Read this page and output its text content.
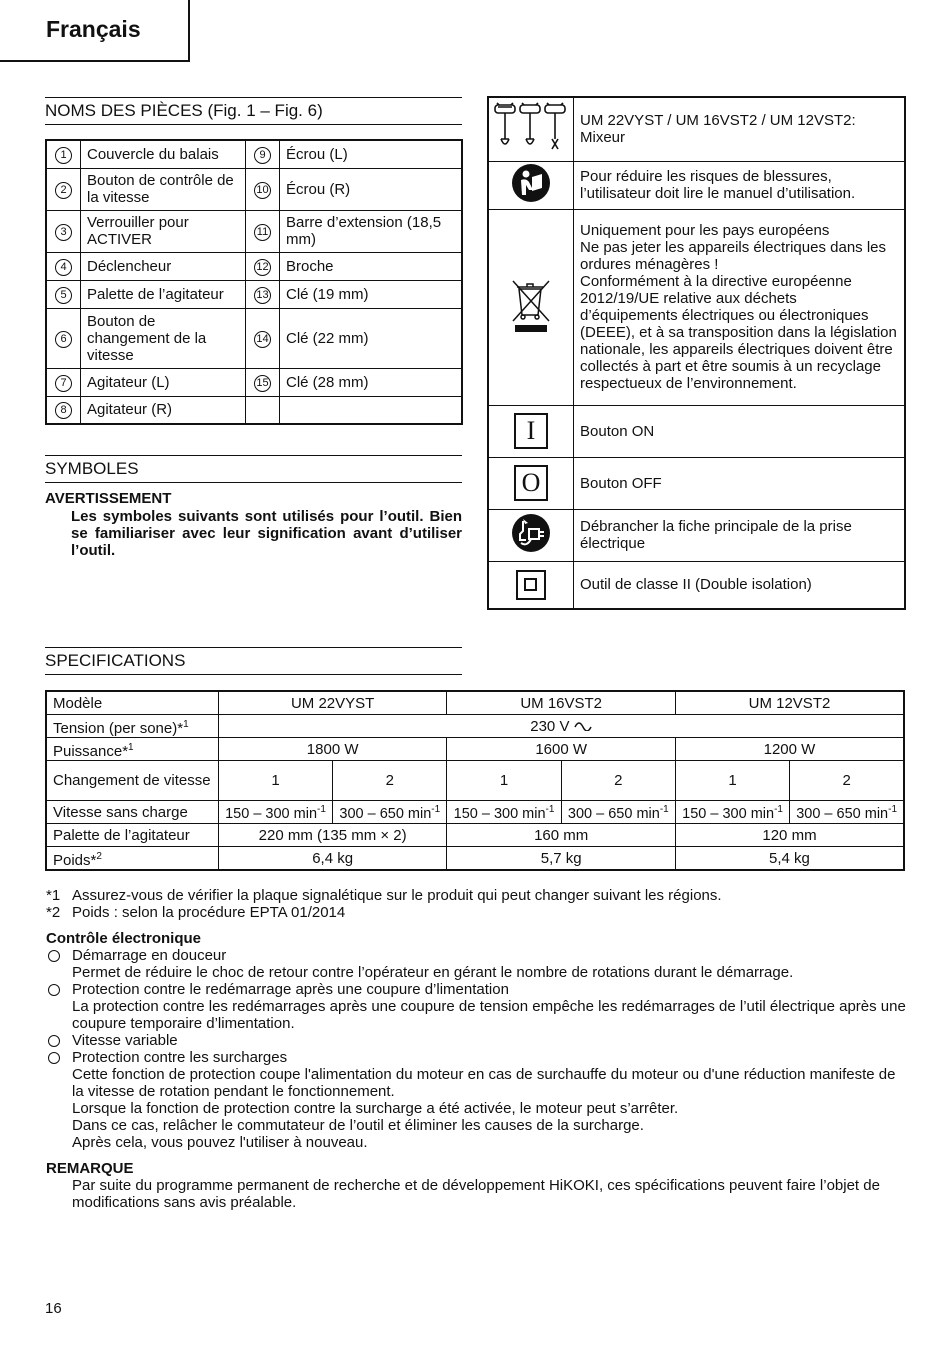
Français
NOMS DES PIÈCES (Fig. 1 – Fig. 6)
1	Couvercle du balais	9	Écrou (L)
2	Bouton de contrôle de la vitesse	10	Écrou (R)
3	Verrouiller pour ACTIVER	11	Barre d’extension (18,5 mm)
4	Déclencheur	12	Broche
5	Palette de l’agitateur	13	Clé (19 mm)
6	Bouton de changement de la vitesse	14	Clé (22 mm)
7	Agitateur (L)	15	Clé (28 mm)
8	Agitateur (R)		
SYMBOLES
AVERTISSEMENT
Les symboles suivants sont utilisés pour l’outil. Bien se familiariser avec leur signification avant d’utiliser l’outil.
	UM 22VYST / UM 16VST2 / UM 12VST2: Mixeur
	Pour réduire les risques de blessures, l’utilisateur doit lire le manuel d’utilisation.

Uniquement pour les pays européens
Ne pas jeter les appareils électriques dans les ordures ménagères !
Conformément à la directive européenne 2012/19/UE relative aux déchets d’équipements électriques ou électroniques (DEEE), et à sa transposition dans la législation nationale, les appareils électriques doivent être collectés à part et être soumis à un recyclage respectueux de l’environnement.

I	Bouton ON
O	Bouton OFF
	Débrancher la fiche principale de la prise électrique

	Outil de classe II (Double isolation)
SPECIFICATIONS
Modèle	UM 22VYST		UM 16VST2		UM 12VST2	
Tension (per sone)*$^1$	230 V					
Puissance*$^1$	1800 W		1600 W		1200 W	
Changement de vitesse	1	2	1	2	1	2
Vitesse sans charge	150 – 300 $\min^{-1}$	300 – 650 $\min^{-1}$	150 – 300 $\min^{-1}$	300 – 650 $\min^{-1}$	150 – 300 $\min^{-1}$	300 – 650 $\min^{-1}$
Palette de l’agitateur	220 mm (135 mm × 2)		160 mm		120 mm	
Poids*$^2$	6,4 kg		5,7 kg		5,4 kg	
*1 Assurez-vous de vérifier la plaque signalétique sur le produit qui peut changer suivant les régions.
*2 Poids : selon la procédure EPTA 01/2014
Contrôle électronique
Démarrage en douceur
Permet de réduire le choc de retour contre l’opérateur en gérant le nombre de rotations durant le démarrage.
Protection contre le redémarrage après une coupure d’limentation
La protection contre les redémarrages après une coupure de tension empêche les redémarrages de l’util électrique après une coupure temporaire d’limentation.
Vitesse variable
Protection contre les surcharges
Cette fonction de protection coupe l'alimentation du moteur en cas de surchauffe du moteur ou d'une réduction manifeste de la vitesse de rotation pendant le fonctionnement.
Lorsque la fonction de protection contre la surcharge a été activée, le moteur peut s’arrêter.
Dans ce cas, relâcher le commutateur de l’outil et éliminer les causes de la surcharge.
Après cela, vous pouvez l'utiliser à nouveau.
REMARQUE
Par suite du programme permanent de recherche et de développement HiKOKI, ces spécifications peuvent faire l’objet de modifications sans avis préalable.
16
